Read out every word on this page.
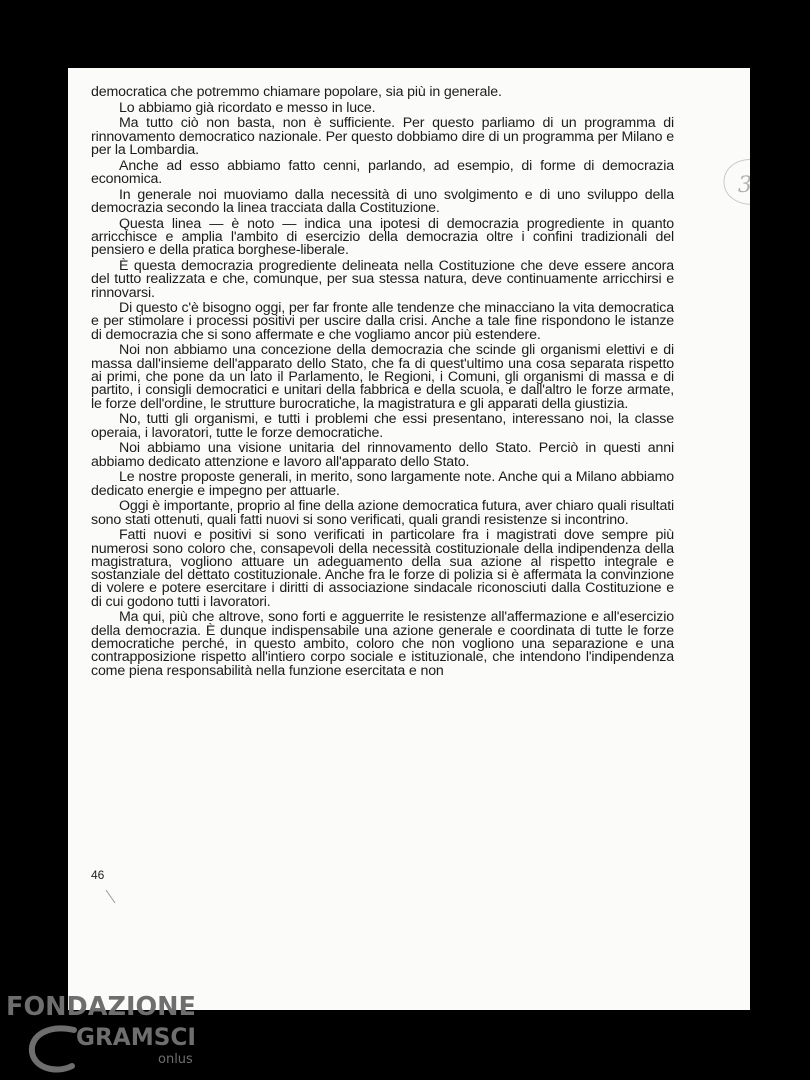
39

democratica che potremmo chiamare popolare, sia più in generale.

Lo abbiamo già ricordato e messo in luce.

Ma tutto ciò non basta, non è sufficiente. Per questo parliamo di un programma di rinnovamento democratico nazionale. Per questo dobbiamo dire di un programma per Milano e per la Lombardia.

Anche ad esso abbiamo fatto cenni, parlando, ad esempio, di forme di democrazia economica.

In generale noi muoviamo dalla necessità di uno svolgimento e di uno sviluppo della democrazia secondo la linea tracciata dalla Costituzione.

Questa linea — è noto — indica una ipotesi di democrazia progrediente in quanto arricchisce e amplia l'ambito di esercizio della democrazia oltre i confini tradizionali del pensiero e della pratica borghese-liberale.

È questa democrazia progrediente delineata nella Costituzione che deve essere ancora del tutto realizzata e che, comunque, per sua stessa natura, deve continuamente arricchirsi e rinnovarsi.

Di questo c'è bisogno oggi, per far fronte alle tendenze che minacciano la vita democratica e per stimolare i processi positivi per uscire dalla crisi. Anche a tale fine rispondono le istanze di democrazia che si sono affermate e che vogliamo ancor più estendere.

Noi non abbiamo una concezione della democrazia che scinde gli organismi elettivi e di massa dall'insieme dell'apparato dello Stato, che fa di quest'ultimo una cosa separata rispetto ai primi, che pone da un lato il Parlamento, le Regioni, i Comuni, gli organismi di massa e di partito, i consigli democratici e unitari della fabbrica e della scuola, e dall'altro le forze armate, le forze dell'ordine, le strutture burocratiche, la magistratura e gli apparati della giustizia.

No, tutti gli organismi, e tutti i problemi che essi presentano, interessano noi, la classe operaia, i lavoratori, tutte le forze democratiche.

Noi abbiamo una visione unitaria del rinnovamento dello Stato. Perciò in questi anni abbiamo dedicato attenzione e lavoro all'apparato dello Stato.

Le nostre proposte generali, in merito, sono largamente note. Anche qui a Milano abbiamo dedicato energie e impegno per attuarle.

Oggi è importante, proprio al fine della azione democratica futura, aver chiaro quali risultati sono stati ottenuti, quali fatti nuovi si sono verificati, quali grandi resistenze si incontrino.

Fatti nuovi e positivi si sono verificati in particolare fra i magistrati dove sempre più numerosi sono coloro che, consapevoli della necessità costituzionale della indipendenza della magistratura, vogliono attuare un adeguamento della sua azione al rispetto integrale e sostanziale del dettato costituzionale. Anche fra le forze di polizia si è affermata la convinzione di volere e potere esercitare i diritti di associazione sindacale riconosciuti dalla Costituzione e di cui godono tutti i lavoratori.

Ma qui, più che altrove, sono forti e agguerrite le resistenze all'affermazione e all'esercizio della democrazia. È dunque indispensabile una azione generale e coordinata di tutte le forze democratiche perché, in questo ambito, coloro che non vogliono una separazione e una contrapposizione rispetto all'intiero corpo sociale e istituzionale, che intendono l'indipendenza come piena responsabilità nella funzione esercitata e non

46
FONDAZIONE
GRAMSCI
onlus
